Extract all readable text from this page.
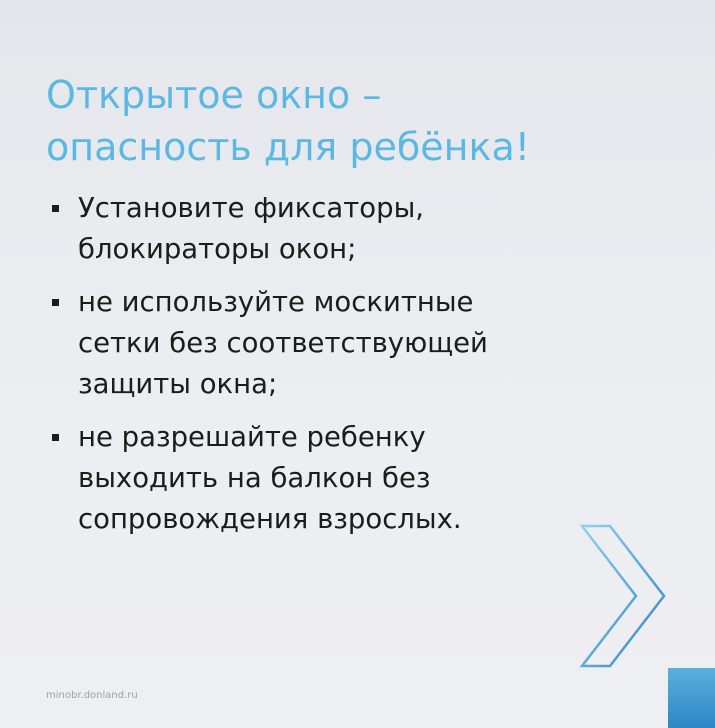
Открытое окно –
опасность для ребёнка!
Установите фиксаторы,
блокираторы окон;
не используйте москитные
сетки без соответствующей
защиты окна;
не разрешайте ребенку
выходить на балкон без
сопровождения взрослых.
minobr.donland.ru
